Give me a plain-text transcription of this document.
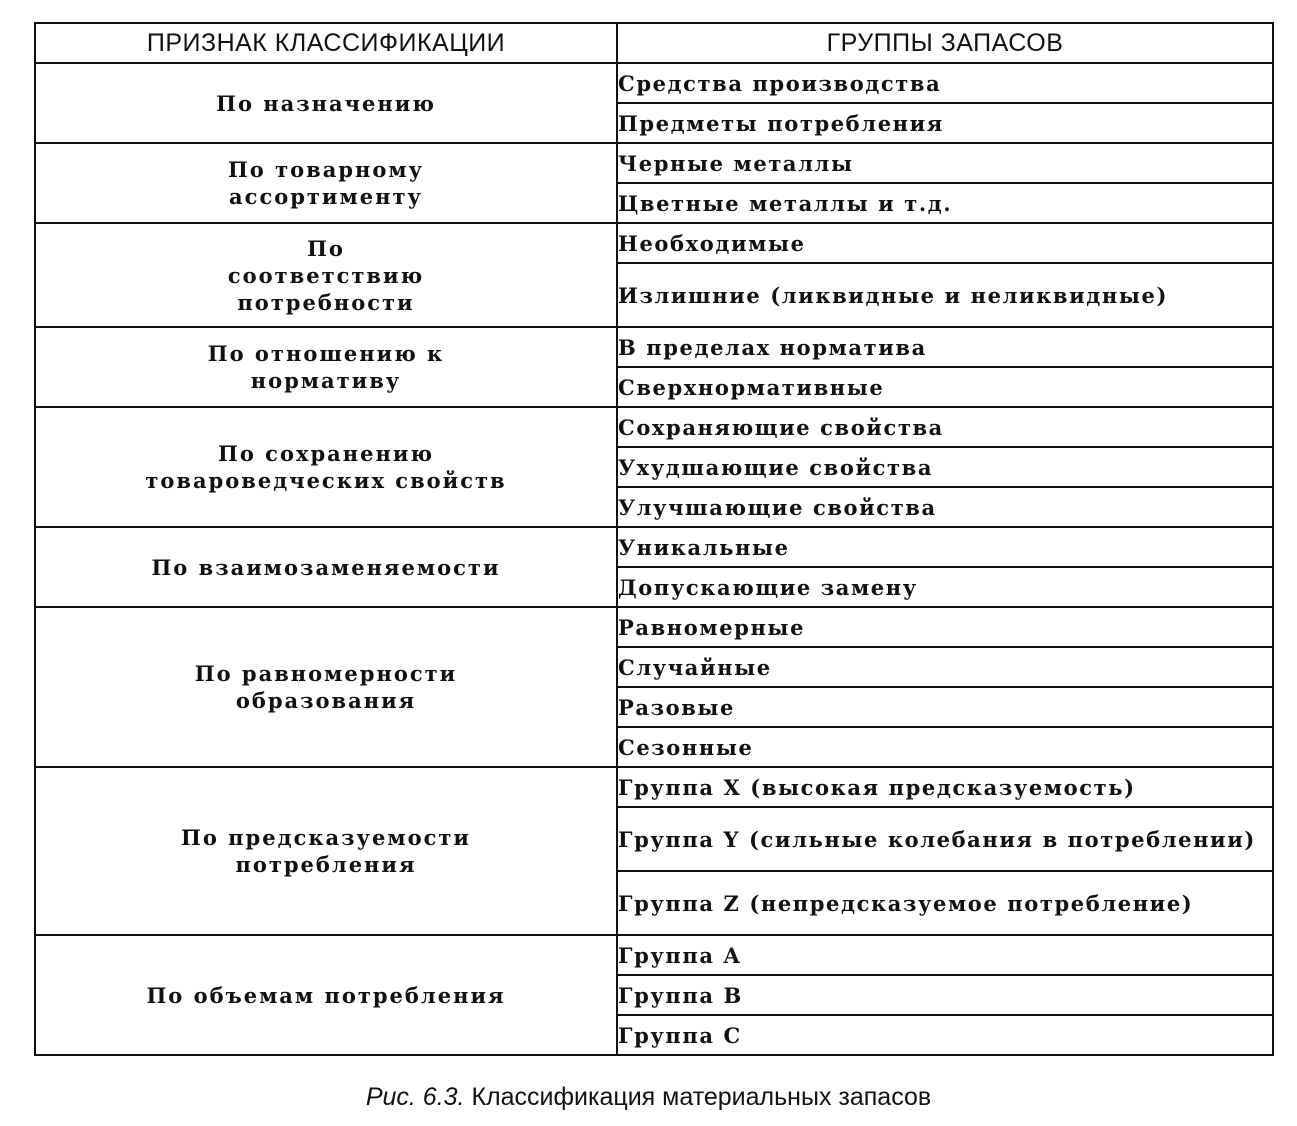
ПРИЗНАК КЛАССИФИКАЦИИ	ГРУППЫ ЗАПАСОВ
По назначению	Средства производства
	Предметы потребления
По товарному ассортименту	Черные металлы
	Цветные металлы и т.д.
По соответствию потребности	Необходимые
	Излишние (ликвидные и неликвидные)
По отношению к нормативу	В пределах норматива
	Сверхнормативные
По сохранению товароведческих свойств	Сохраняющие свойства
	Ухудшающие свойства
	Улучшающие свойства
По взаимозаменяемости	Уникальные
	Допускающие замену
По равномерности образования	Равномерные
	Случайные
	Разовые
	Сезонные
По предсказуемости потребления	Группа X (высокая предсказуемость)
	Группа Y (сильные колебания в потреблении)
	Группа Z (непредсказуемое потребление)
По объемам потребления	Группа A
	Группа B
	Группа C
Рис. 6.3. Классификация материальных запасов
